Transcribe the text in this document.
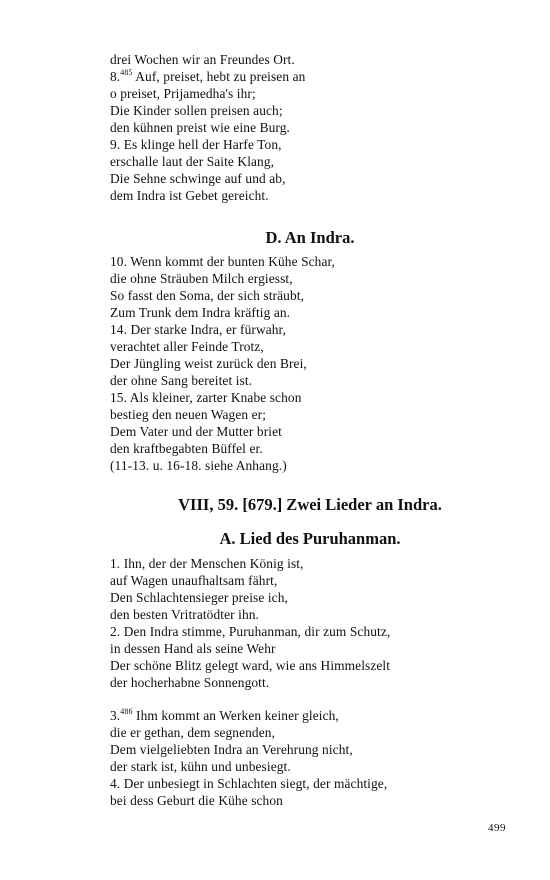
drei Wochen wir an Freundes Ort.
8.$^{485}$ Auf, preiset, hebt zu preisen an
o preiset, Prijamedha's ihr;
Die Kinder sollen preisen auch;
den kühnen preist wie eine Burg.
9. Es klinge hell der Harfe Ton,
erschalle laut der Saite Klang,
Die Sehne schwinge auf und ab,
dem Indra ist Gebet gereicht.
D. An Indra.
10. Wenn kommt der bunten Kühe Schar,
die ohne Sträuben Milch ergiesst,
So fasst den Soma, der sich sträubt,
Zum Trunk dem Indra kräftig an.
14. Der starke Indra, er fürwahr,
verachtet aller Feinde Trotz,
Der Jüngling weist zurück den Brei,
der ohne Sang bereitet ist.
15. Als kleiner, zarter Knabe schon
bestieg den neuen Wagen er;
Dem Vater und der Mutter briet
den kraftbegabten Büffel er.
(11-13. u. 16-18. siehe Anhang.)
VIII, 59. [679.] Zwei Lieder an Indra.
A. Lied des Puruhanman.
1. Ihn, der der Menschen König ist,
auf Wagen unaufhaltsam fährt,
Den Schlachtensieger preise ich,
den besten Vritratödter ihn.
2. Den Indra stimme, Puruhanman, dir zum Schutz,
in dessen Hand als seine Wehr
Der schöne Blitz gelegt ward, wie ans Himmelszelt
der hocherhabne Sonnengott.
3.$^{486}$ Ihm kommt an Werken keiner gleich,
die er gethan, dem segnenden,
Dem vielgeliebten Indra an Verehrung nicht,
der stark ist, kühn und unbesiegt.
4. Der unbesiegt in Schlachten siegt, der mächtige,
bei dess Geburt die Kühe schon
499
